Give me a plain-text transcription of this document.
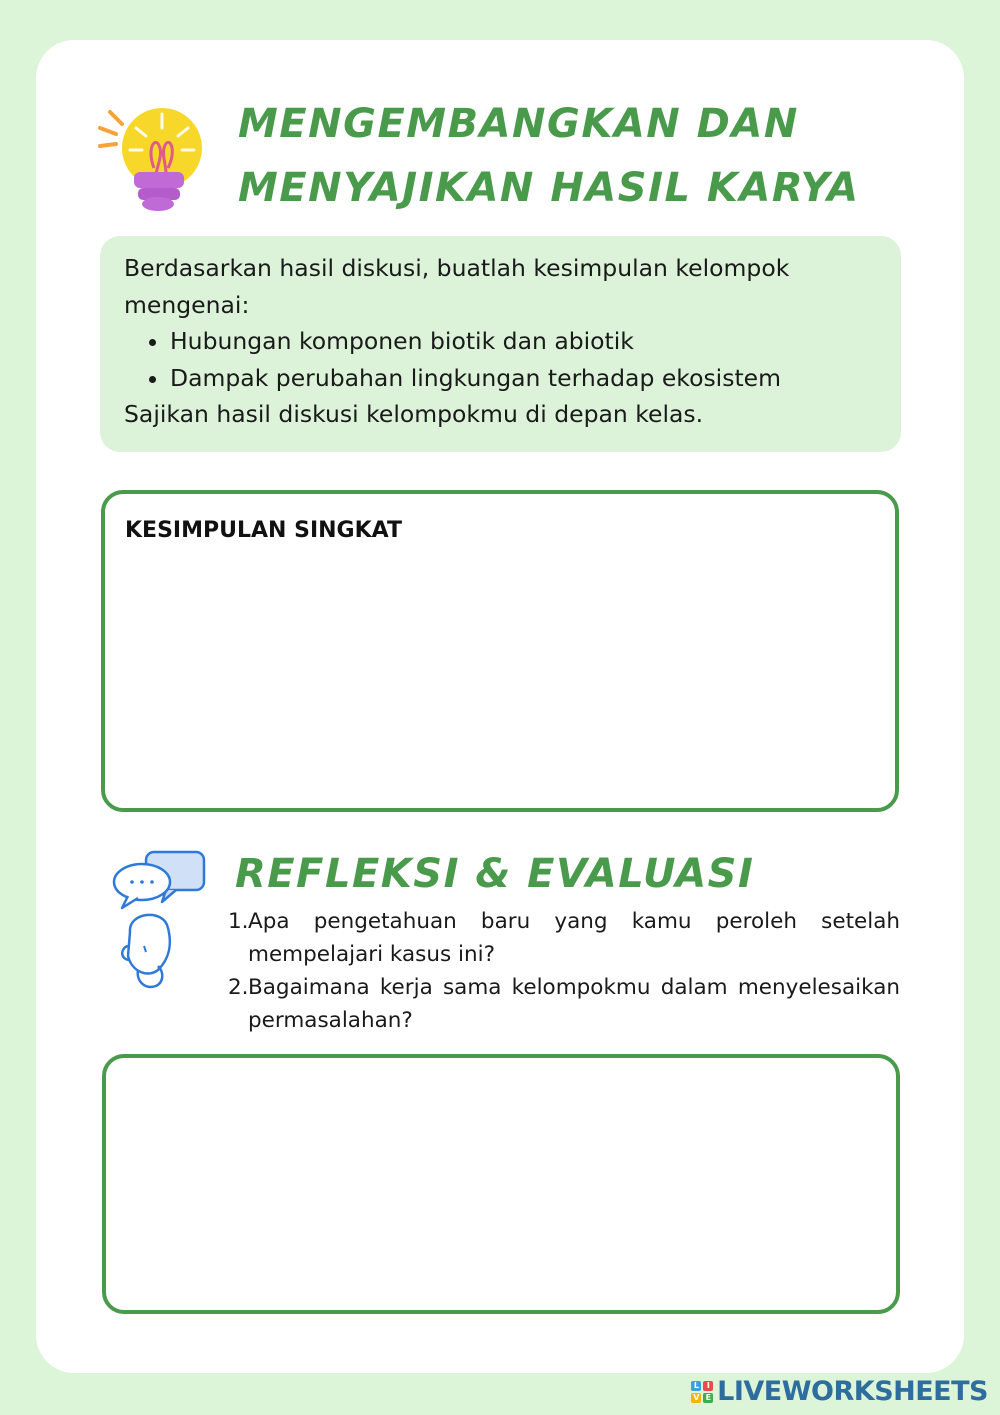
MENGEMBANGKAN DAN MENYAJIKAN HASIL KARYA

Berdasarkan hasil diskusi, buatlah kesimpulan kelompok mengenai:

• Hubungan komponen biotik dan abiotik
• Dampak perubahan lingkungan terhadap ekosistem

Sajikan hasil diskusi kelompokmu di depan kelas.

KESIMPULAN SINGKAT
REFLEKSI & EVALUASI
1. Apa pengetahuan baru yang kamu peroleh setelah mempelajari kasus ini?
2. Bagaimana kerja sama kelompokmu dalam menyelesaikan permasalahan?
L	I
V E LIVEWORKSHEETS
